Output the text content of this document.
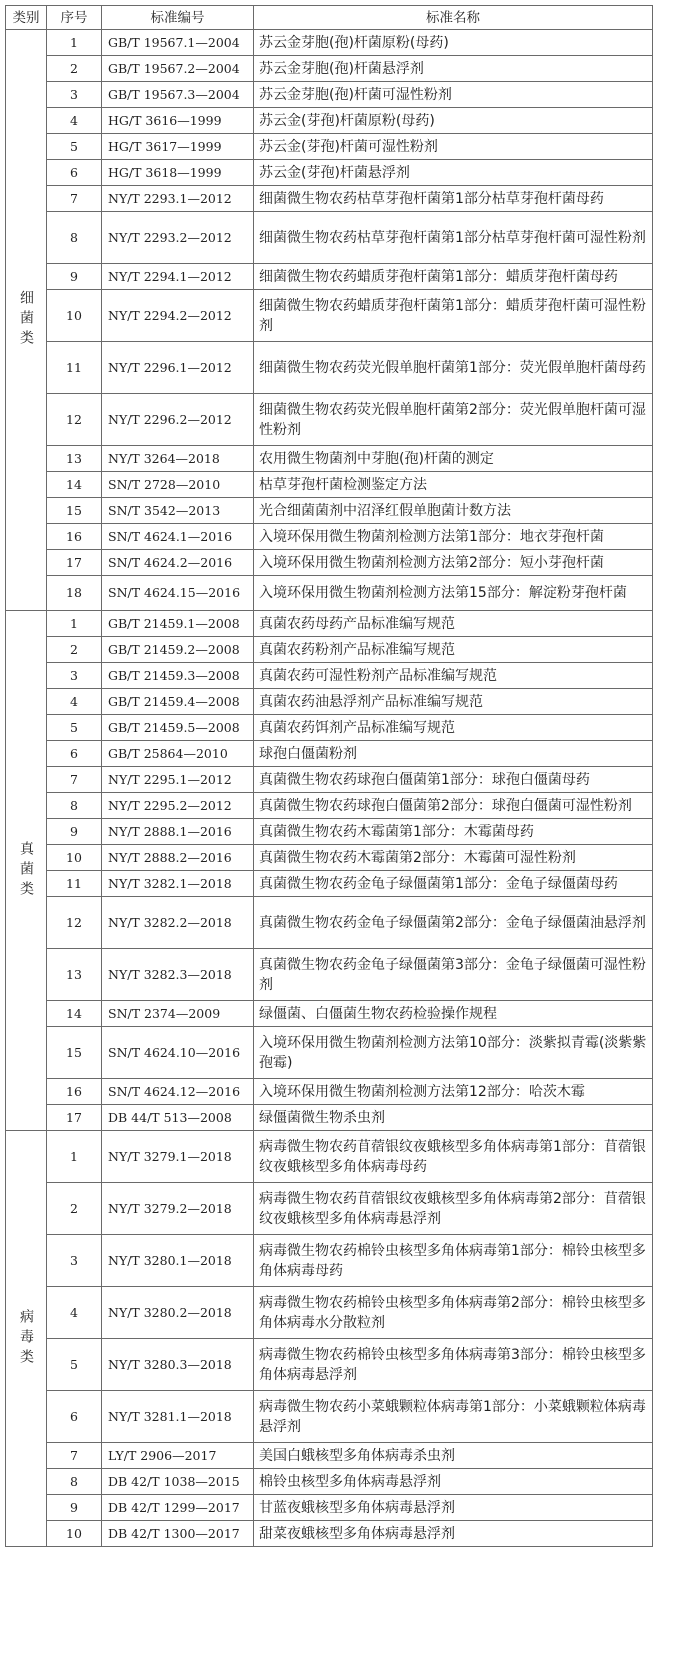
类别	序号	标准编号	标准名称
细菌类	1	GB/T 19567.1—2004	苏云金芽胞(孢)杆菌原粉(母药)
	2	GB/T 19567.2—2004	苏云金芽胞(孢)杆菌悬浮剂
	3	GB/T 19567.3—2004	苏云金芽胞(孢)杆菌可湿性粉剂
	4	HG/T 3616—1999	苏云金(芽孢)杆菌原粉(母药)
	5	HG/T 3617—1999	苏云金(芽孢)杆菌可湿性粉剂
	6	HG/T 3618—1999	苏云金(芽孢)杆菌悬浮剂
	7	NY/T 2293.1—2012	细菌微生物农药枯草芽孢杆菌第1部分枯草芽孢杆菌母药
	8	NY/T 2293.2—2012	细菌微生物农药枯草芽孢杆菌第1部分枯草芽孢杆菌可湿性粉剂
	9	NY/T 2294.1—2012	细菌微生物农药蜡质芽孢杆菌第1部分：蜡质芽孢杆菌母药
	10	NY/T 2294.2—2012	细菌微生物农药蜡质芽孢杆菌第1部分：蜡质芽孢杆菌可湿性粉剂
	11	NY/T 2296.1—2012	细菌微生物农药荧光假单胞杆菌第1部分：荧光假单胞杆菌母药
	12	NY/T 2296.2—2012	细菌微生物农药荧光假单胞杆菌第2部分：荧光假单胞杆菌可湿性粉剂
	13	NY/T 3264—2018	农用微生物菌剂中芽胞(孢)杆菌的测定
	14	SN/T 2728—2010	枯草芽孢杆菌检测鉴定方法
	15	SN/T 3542—2013	光合细菌菌剂中沼泽红假单胞菌计数方法
	16	SN/T 4624.1—2016	入境环保用微生物菌剂检测方法第1部分：地衣芽孢杆菌
	17	SN/T 4624.2—2016	入境环保用微生物菌剂检测方法第2部分：短小芽孢杆菌
	18	SN/T 4624.15—2016	入境环保用微生物菌剂检测方法第15部分：解淀粉芽孢杆菌
真菌类	1	GB/T 21459.1—2008	真菌农药母药产品标准编写规范
	2	GB/T 21459.2—2008	真菌农药粉剂产品标准编写规范
	3	GB/T 21459.3—2008	真菌农药可湿性粉剂产品标准编写规范
	4	GB/T 21459.4—2008	真菌农药油悬浮剂产品标准编写规范
	5	GB/T 21459.5—2008	真菌农药饵剂产品标准编写规范
	6	GB/T 25864—2010	球孢白僵菌粉剂
	7	NY/T 2295.1—2012	真菌微生物农药球孢白僵菌第1部分：球孢白僵菌母药
	8	NY/T 2295.2—2012	真菌微生物农药球孢白僵菌第2部分：球孢白僵菌可湿性粉剂
	9	NY/T 2888.1—2016	真菌微生物农药木霉菌第1部分：木霉菌母药
	10	NY/T 2888.2—2016	真菌微生物农药木霉菌第2部分：木霉菌可湿性粉剂
	11	NY/T 3282.1—2018	真菌微生物农药金龟子绿僵菌第1部分：金龟子绿僵菌母药
	12	NY/T 3282.2—2018	真菌微生物农药金龟子绿僵菌第2部分：金龟子绿僵菌油悬浮剂
	13	NY/T 3282.3—2018	真菌微生物农药金龟子绿僵菌第3部分：金龟子绿僵菌可湿性粉剂
	14	SN/T 2374—2009	绿僵菌、白僵菌生物农药检验操作规程
	15	SN/T 4624.10—2016	入境环保用微生物菌剂检测方法第10部分：淡紫拟青霉(淡紫紫孢霉)
	16	SN/T 4624.12—2016	入境环保用微生物菌剂检测方法第12部分：哈茨木霉
	17	DB 44/T 513—2008	绿僵菌微生物杀虫剂
病毒类	1	NY/T 3279.1—2018	病毒微生物农药苜蓿银纹夜蛾核型多角体病毒第1部分：苜蓿银纹夜蛾核型多角体病毒母药
	2	NY/T 3279.2—2018	病毒微生物农药苜蓿银纹夜蛾核型多角体病毒第2部分：苜蓿银纹夜蛾核型多角体病毒悬浮剂
	3	NY/T 3280.1—2018	病毒微生物农药棉铃虫核型多角体病毒第1部分：棉铃虫核型多角体病毒母药
	4	NY/T 3280.2—2018	病毒微生物农药棉铃虫核型多角体病毒第2部分：棉铃虫核型多角体病毒水分散粒剂
	5	NY/T 3280.3—2018	病毒微生物农药棉铃虫核型多角体病毒第3部分：棉铃虫核型多角体病毒悬浮剂
	6	NY/T 3281.1—2018	病毒微生物农药小菜蛾颗粒体病毒第1部分：小菜蛾颗粒体病毒悬浮剂
	7	LY/T 2906—2017	美国白蛾核型多角体病毒杀虫剂
	8	DB 42/T 1038—2015	棉铃虫核型多角体病毒悬浮剂
	9	DB 42/T 1299—2017	甘蓝夜蛾核型多角体病毒悬浮剂
	10	DB 42/T 1300—2017	甜菜夜蛾核型多角体病毒悬浮剂
